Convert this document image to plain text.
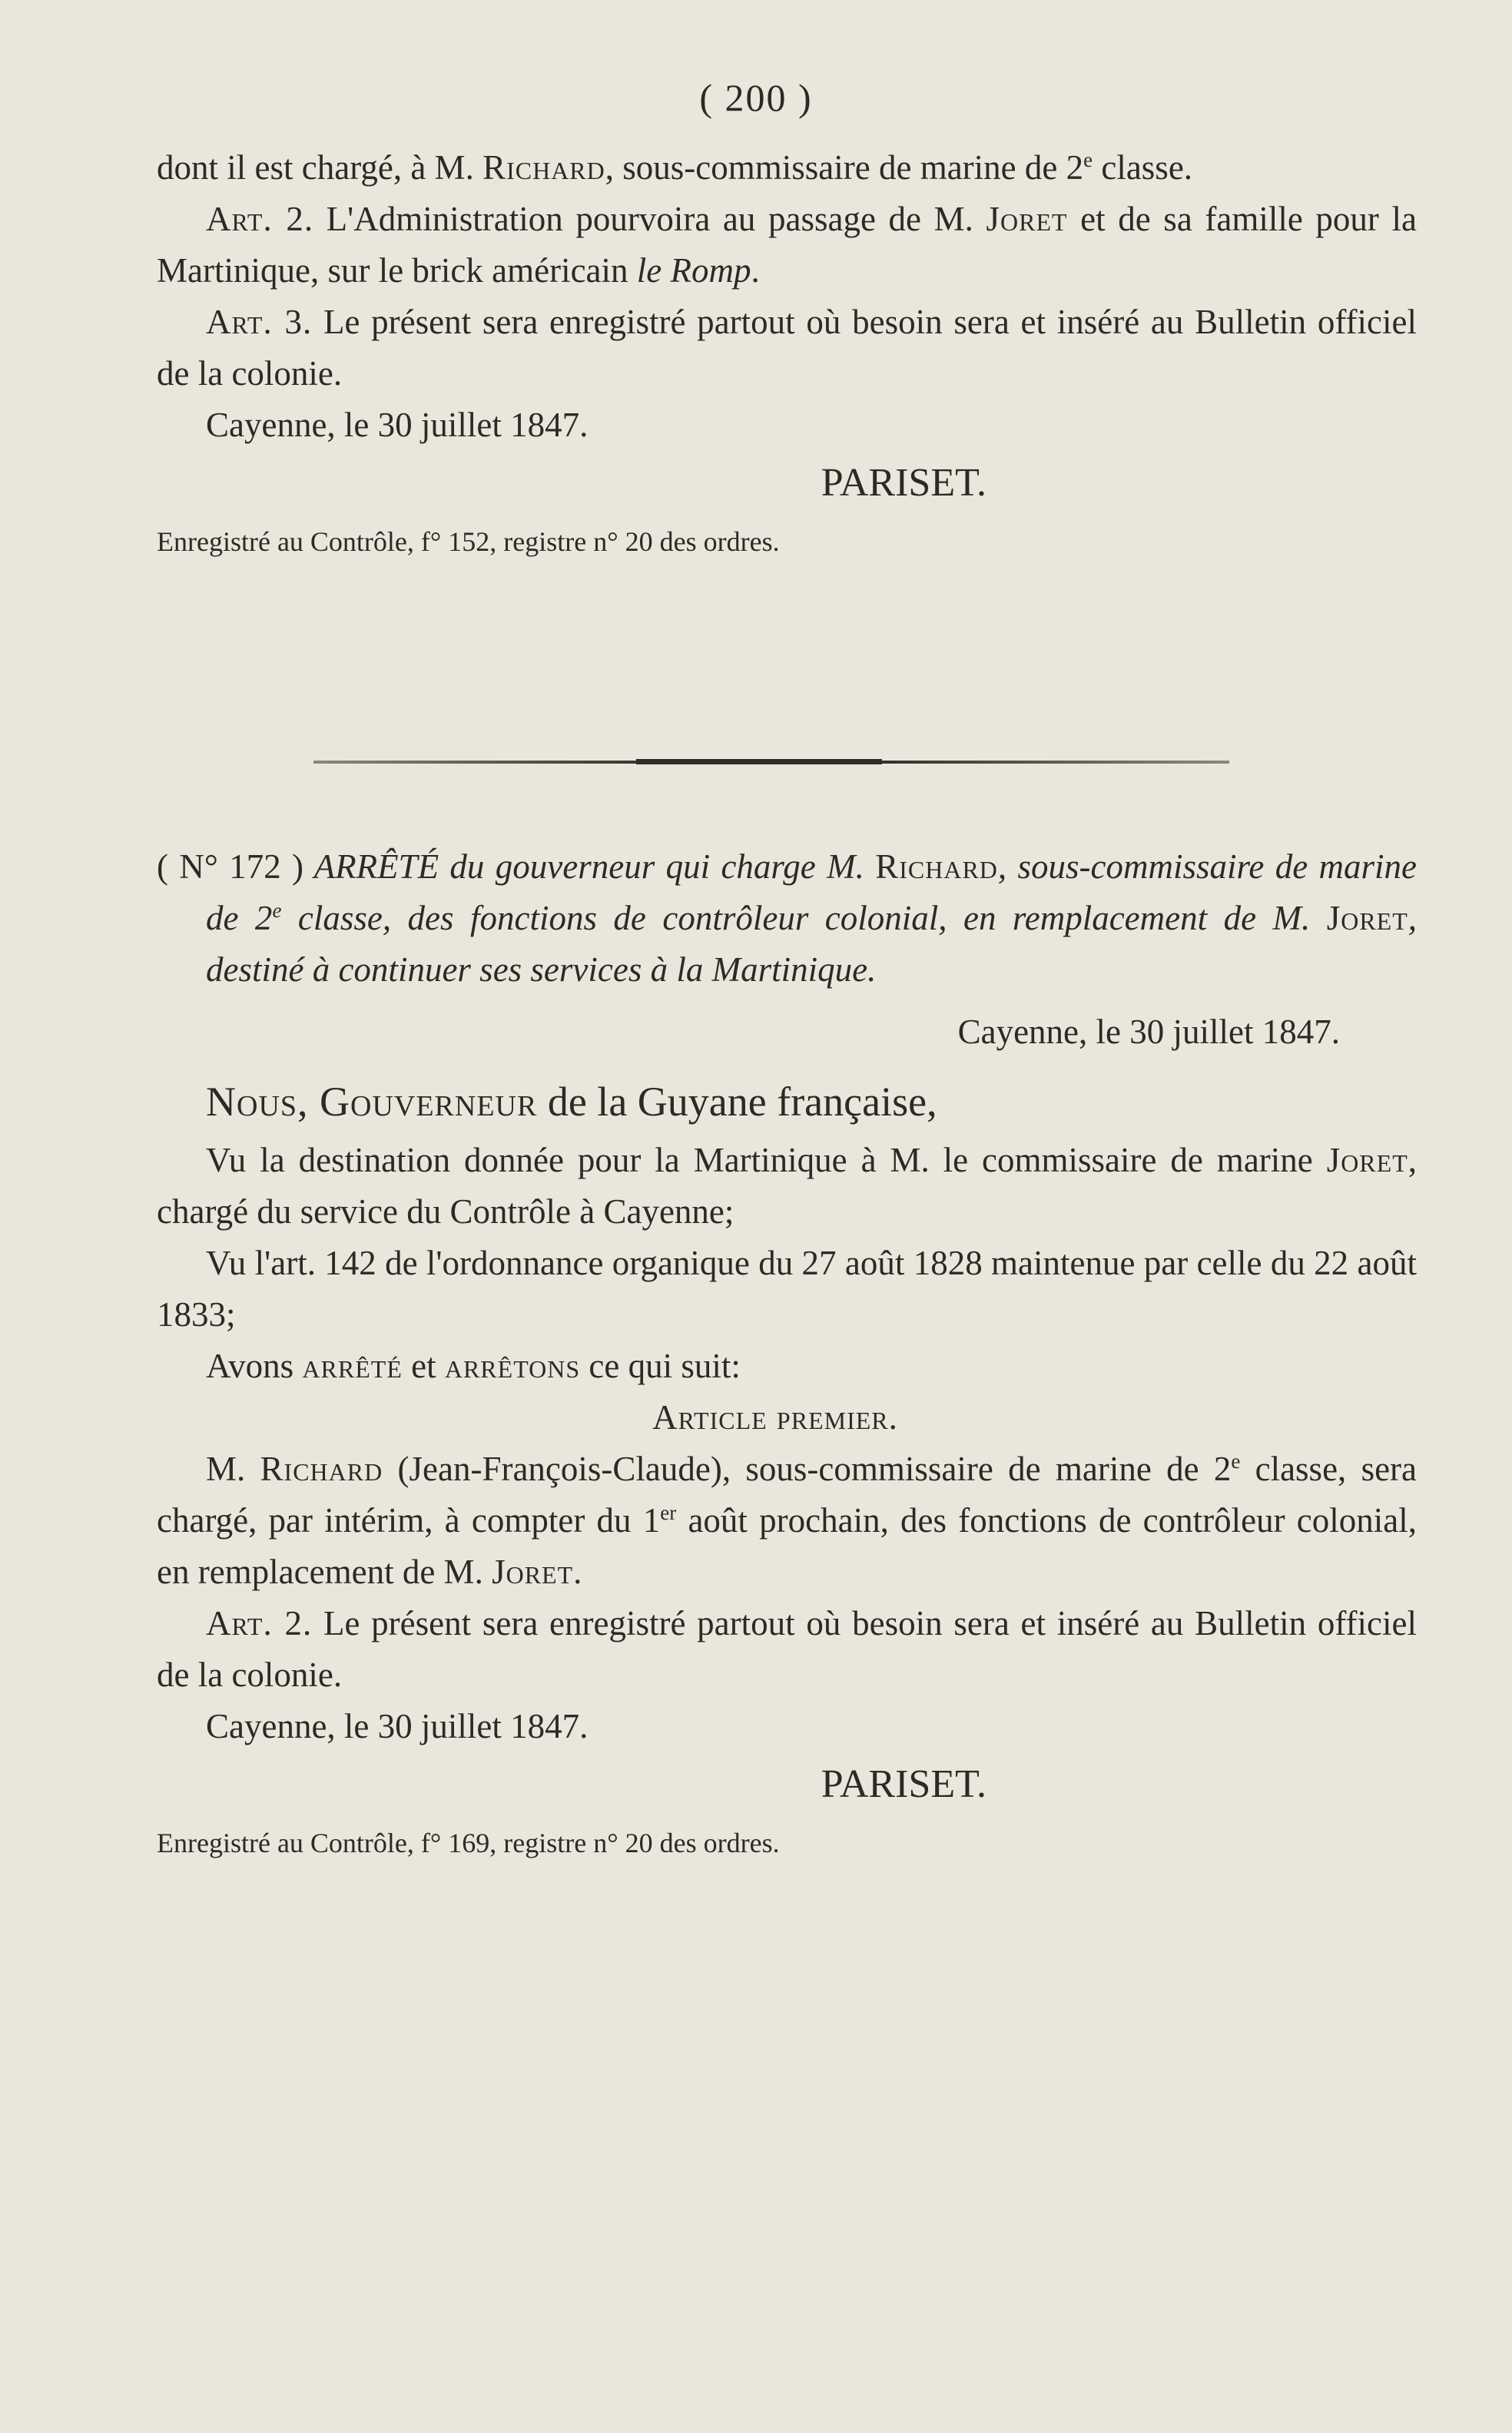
( 200 )

dont il est chargé, à M. Richard, sous-commissaire de marine de 2e classe.

Art. 2. L'Administration pourvoira au passage de M. Joret et de sa famille pour la Martinique, sur le brick américain le Romp.

Art. 3. Le présent sera enregistré partout où besoin sera et inséré au Bulletin officiel de la colonie.

Cayenne, le 30 juillet 1847.

PARISET.

Enregistré au Contrôle, f° 152, registre n° 20 des ordres.

( N° 172 ) ARRÊTÉ du gouverneur qui charge M. Richard, sous-commissaire de marine de 2e classe, des fonctions de contrôleur colonial, en remplacement de M. Joret, destiné à continuer ses services à la Martinique.

Cayenne, le 30 juillet 1847.

Nous, Gouverneur de la Guyane française,

Vu la destination donnée pour la Martinique à M. le commissaire de marine Joret, chargé du service du Contrôle à Cayenne;

Vu l'art. 142 de l'ordonnance organique du 27 août 1828 maintenue par celle du 22 août 1833;

Avons arrêté et arrêtons ce qui suit:

Article premier.

M. Richard (Jean-François-Claude), sous-commissaire de marine de 2e classe, sera chargé, par intérim, à compter du 1er août prochain, des fonctions de contrôleur colonial, en remplacement de M. Joret.

Art. 2. Le présent sera enregistré partout où besoin sera et inséré au Bulletin officiel de la colonie.

Cayenne, le 30 juillet 1847.

PARISET.

Enregistré au Contrôle, f° 169, registre n° 20 des ordres.
